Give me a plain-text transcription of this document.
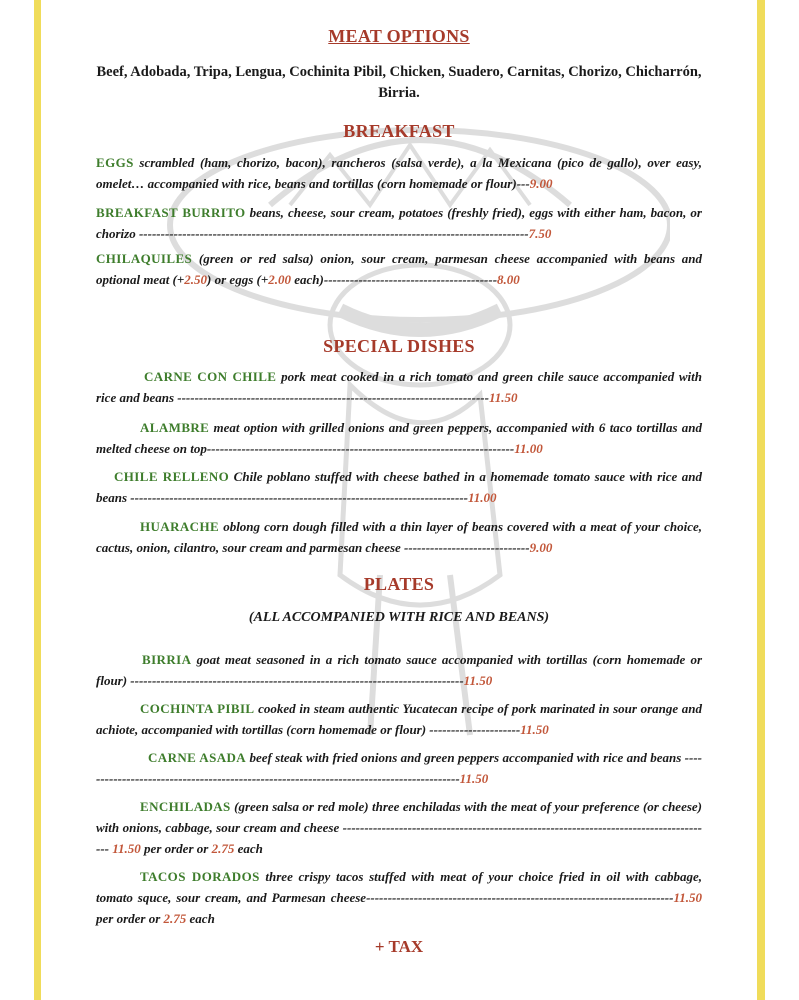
MEAT OPTIONS
Beef, Adobada, Tripa, Lengua, Cochinita Pibil, Chicken, Suadero, Carnitas, Chorizo, Chicharrón, Birria.
BREAKFAST
EGGS scrambled (ham, chorizo, bacon), rancheros (salsa verde), a la Mexicana (pico de gallo), over easy, omelet… accompanied with rice, beans and tortillas (corn homemade or flour)---9.00
BREAKFAST BURRITO beans, cheese, sour cream, potatoes (freshly fried), eggs with either ham, bacon, or chorizo ------------------------------------------------------------------------------------------7.50
CHILAQUILES (green or red salsa) onion, sour cream, parmesan cheese accompanied with beans and optional meat (+2.50) or eggs (+2.00 each)----------------------------------------8.00
SPECIAL DISHES
CARNE CON CHILE pork meat cooked in a rich tomato and green chile sauce accompanied with rice and beans ------------------------------------------------------------------------11.50
ALAMBRE meat option with grilled onions and green peppers, accompanied with 6 taco tortillas and melted cheese on top-----------------------------------------------------------------------11.00
CHILE RELLENO Chile poblano stuffed with cheese bathed in a homemade tomato sauce with rice and beans ------------------------------------------------------------------------------11.00
HUARACHE oblong corn dough filled with a thin layer of beans covered with a meat of your choice, cactus, onion, cilantro, sour cream and parmesan cheese -----------------------------9.00
PLATES
(ALL ACCOMPANIED WITH RICE AND BEANS)
BIRRIA goat meat seasoned in a rich tomato sauce accompanied with tortillas (corn homemade or flour) -----------------------------------------------------------------------------11.50
COCHINTA PIBIL cooked in steam authentic Yucatecan recipe of pork marinated in sour orange and achiote, accompanied with tortillas (corn homemade or flour) ---------------------11.50
CARNE ASADA beef steak with fried onions and green peppers accompanied with rice and beans ----------------------------------------------------------------------------------------11.50
ENCHILADAS (green salsa or red mole) three enchiladas with the meat of your preference (or cheese) with onions, cabbage, sour cream and cheese -------------------------------------------------------------------------------------- 11.50 per order or 2.75 each
TACOS DORADOS three crispy tacos stuffed with meat of your choice fried in oil with cabbage, tomato squce, sour cream, and Parmesan cheese-----------------------------------------------------------------------11.50 per order or 2.75 each
+ TAX
